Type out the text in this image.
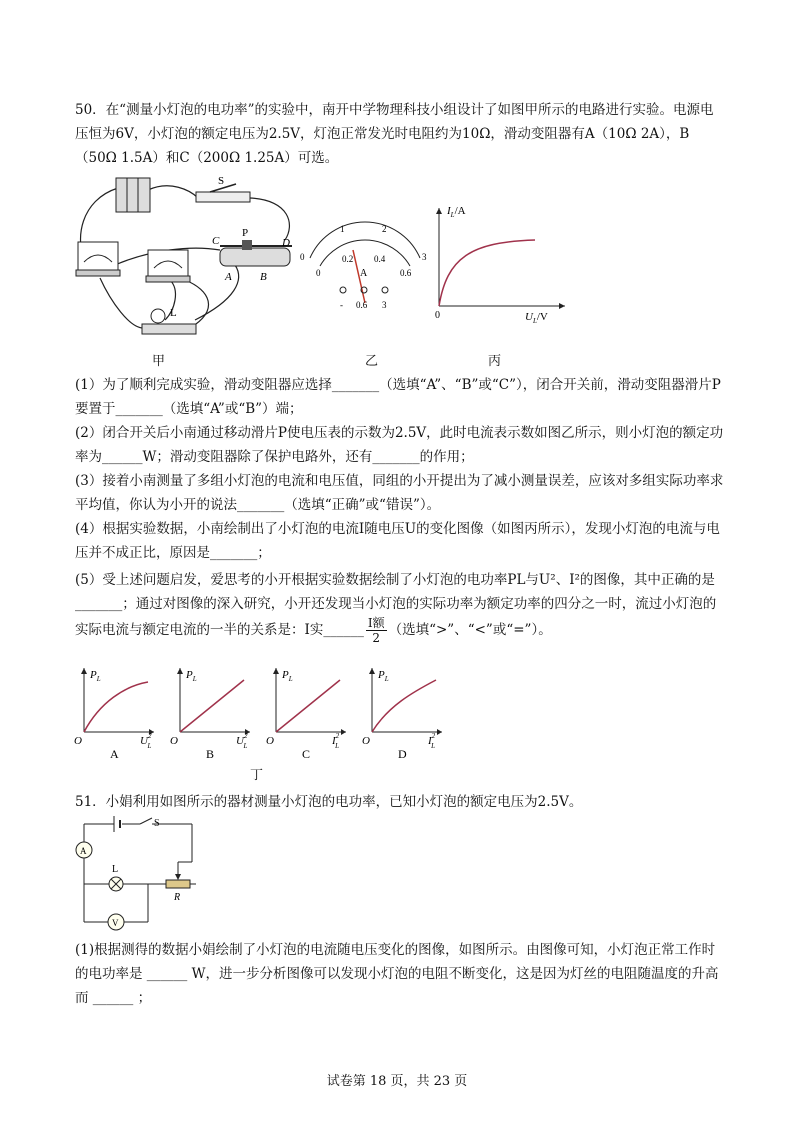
50．在“测量小灯泡的电功率”的实验中，南开中学物理科技小组设计了如图甲所示的电路进行实验。电源电压恒为6V，小灯泡的额定电压为2.5V，灯泡正常发光时电阻约为10Ω，滑动变阻器有A（10Ω 2A），B（50Ω 1.5A）和C（200Ω 1.25A）可选。

S
C
P
D
A	B
L
甲
0
1	2
3
0
0.2 0.4
0.6
A
- 0.6 3
乙
$I_L/A$
$U_L/V$
0
丙

(1）为了顺利完成实验，滑动变阻器应选择_______（选填“A”、“B”或“C”），闭合开关前，滑动变阻器滑片P要置于_______（选填“A”或“B”）端；

(2）闭合开关后小南通过移动滑片P使电压表的示数为2.5V，此时电流表示数如图乙所示，则小灯泡的额定功率为______W；滑动变阻器除了保护电路外，还有_______的作用；

(3）接着小南测量了多组小灯泡的电流和电压值，同组的小开提出为了减小测量误差，应该对多组实际功率求平均值，你认为小开的说法_______（选填“正确”或“错误”）。

(4）根据实验数据，小南绘制出了小灯泡的电流I随电压U的变化图像（如图丙所示），发现小灯泡的电流与电压并不成正比，原因是_______；

(5）受上述问题启发，爱思考的小开根据实验数据绘制了小灯泡的电功率PL与U²、I²的图像，其中正确的是_______；通过对图像的深入研究，小开还发现当小灯泡的实际功率为额定功率的四分之一时，流过小灯泡的实际电流与额定电流的一半的关系是：I实______ $\frac{\text{I额}}{2}$ （选填“>”、“<”或“=”）。

$P_L$
O	$U^2$ L
A
$P_L$
O	$U^2$ L
B
$P_L$
O	$I^2$ L
C
$P_L$
O	$I^2$ L
D
丁

51．小娟利用如图所示的器材测量小灯泡的电功率，已知小灯泡的额定电压为2.5V。

S
A
L
R
V

(1)根据测得的数据小娟绘制了小灯泡的电流随电压变化的图像，如图所示。由图像可知，小灯泡正常工作时的电功率是 ______ W，进一步分析图像可以发现小灯泡的电阻不断变化，这是因为灯丝的电阻随温度的升高而 ______ ；

试卷第 18 页，共 23 页
